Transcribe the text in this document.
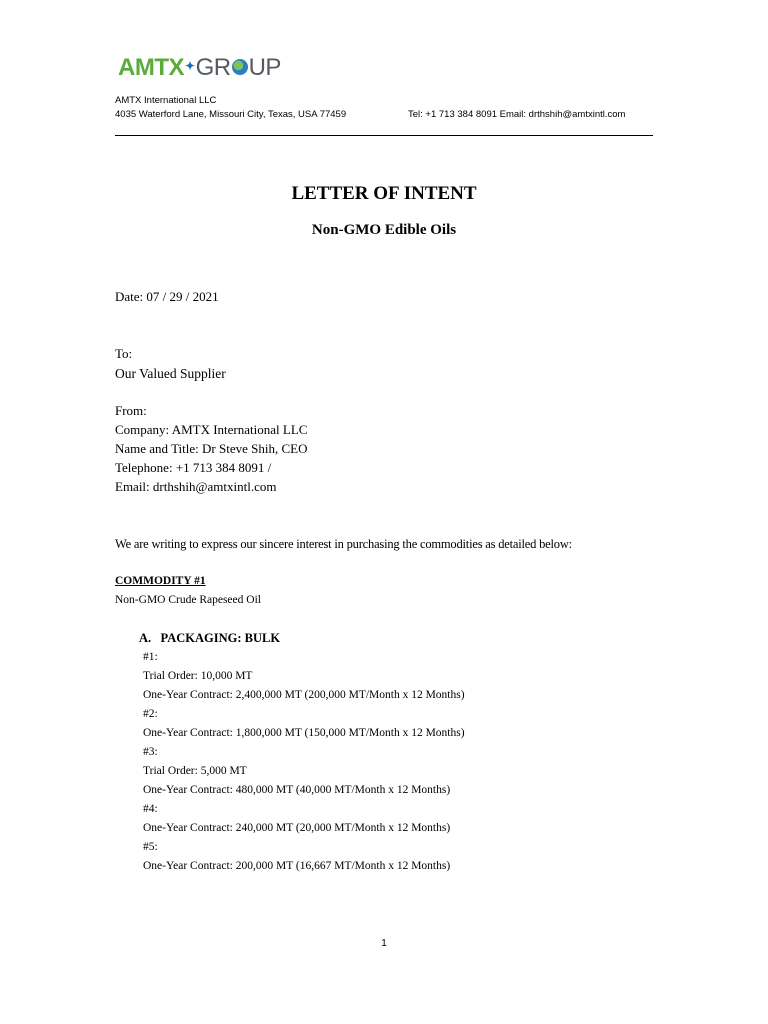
AMTX✦GR UP
AMTX International LLC
4035 Waterford Lane, Missouri City, Texas, USA 77459	Tel: +1 713 384 8091 Email: drthshih@amtxintl.com
LETTER OF INTENT
Non-GMO Edible Oils
Date: 07 / 29 / 2021
To:
Our Valued Supplier
From:
Company: AMTX International LLC
Name and Title: Dr Steve Shih, CEO
Telephone: +1 713 384 8091 /
Email: drthshih@amtxintl.com
We are writing to express our sincere interest in purchasing the commodities as detailed below:
COMMODITY #1
Non-GMO Crude Rapeseed Oil
A.   PACKAGING: BULK
#1:
Trial Order: 10,000 MT
One-Year Contract: 2,400,000 MT (200,000 MT/Month x 12 Months)
#2:
One-Year Contract: 1,800,000 MT (150,000 MT/Month x 12 Months)
#3:
Trial Order: 5,000 MT
One-Year Contract: 480,000 MT (40,000 MT/Month x 12 Months)
#4:
One-Year Contract: 240,000 MT (20,000 MT/Month x 12 Months)
#5:
One-Year Contract: 200,000 MT (16,667 MT/Month x 12 Months)
1
